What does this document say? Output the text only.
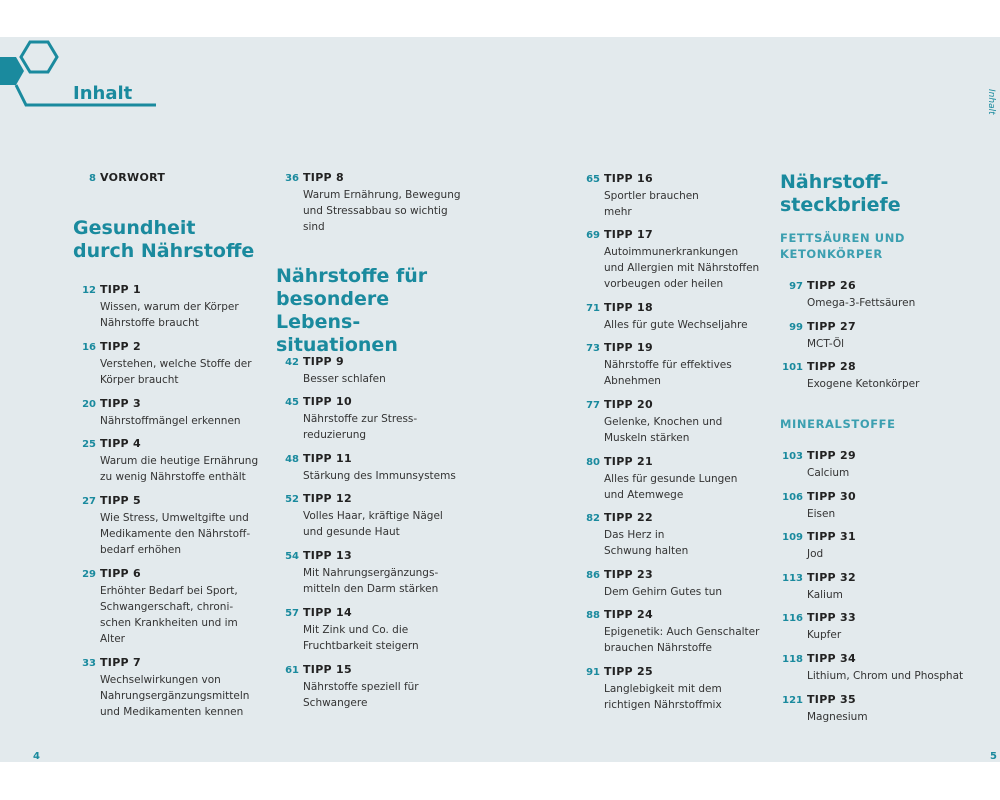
Inhalt	Inhalt
8 VORWORT
Gesundheit durch Nährstoffe
12 TIPP 1
Wissen, warum der Körper
Nährstoffe braucht
16 TIPP 2
Verstehen, welche Stoffe der
Körper braucht
20 TIPP 3
Nährstoffmängel erkennen
25 TIPP 4
Warum die heutige Ernährung
zu wenig Nährstoffe enthält
27 TIPP 5
Wie Stress, Umweltgifte und
Medikamente den Nährstoff-
bedarf erhöhen
29 TIPP 6
Erhöhter Bedarf bei Sport,
Schwangerschaft, chroni-
schen Krankheiten und im
Alter
33 TIPP 7
Wechselwirkungen von
Nahrungsergänzungsmitteln
und Medikamenten kennen
36 TIPP 8
Warum Ernährung, Bewegung
und Stressabbau so wichtig
sind
Nährstoffe für besondere Lebens- situationen
42 TIPP 9
Besser schlafen
45 TIPP 10
Nährstoffe zur Stress-
reduzierung
48 TIPP 11
Stärkung des Immunsystems
52 TIPP 12
Volles Haar, kräftige Nägel
und gesunde Haut
54 TIPP 13
Mit Nahrungsergänzungs-
mitteln den Darm stärken
57 TIPP 14
Mit Zink und Co. die
Fruchtbarkeit steigern
61 TIPP 15
Nährstoffe speziell für
Schwangere
65 TIPP 16
Sportler brauchen
mehr
69 TIPP 17
Autoimmunerkrankungen
und Allergien mit Nährstoffen
vorbeugen oder heilen
71 TIPP 18
Alles für gute Wechseljahre
73 TIPP 19
Nährstoffe für effektives
Abnehmen
77 TIPP 20
Gelenke, Knochen und
Muskeln stärken
80 TIPP 21
Alles für gesunde Lungen
und Atemwege
82 TIPP 22
Das Herz in
Schwung halten
86 TIPP 23
Dem Gehirn Gutes tun
88 TIPP 24
Epigenetik: Auch Genschalter
brauchen Nährstoffe
91 TIPP 25
Langlebigkeit mit dem
richtigen Nährstoffmix
Nährstoff- steckbriefe
FETTSÄUREN UND KETONKÖRPER
97 TIPP 26
Omega-3-Fettsäuren
99 TIPP 27
MCT-Öl
101 TIPP 28
Exogene Ketonkörper
MINERALSTOFFE
103 TIPP 29
Calcium
106 TIPP 30
Eisen
109 TIPP 31
Jod
113 TIPP 32
Kalium
116 TIPP 33
Kupfer
118 TIPP 34
Lithium, Chrom und Phosphat
121 TIPP 35
Magnesium
4	5
